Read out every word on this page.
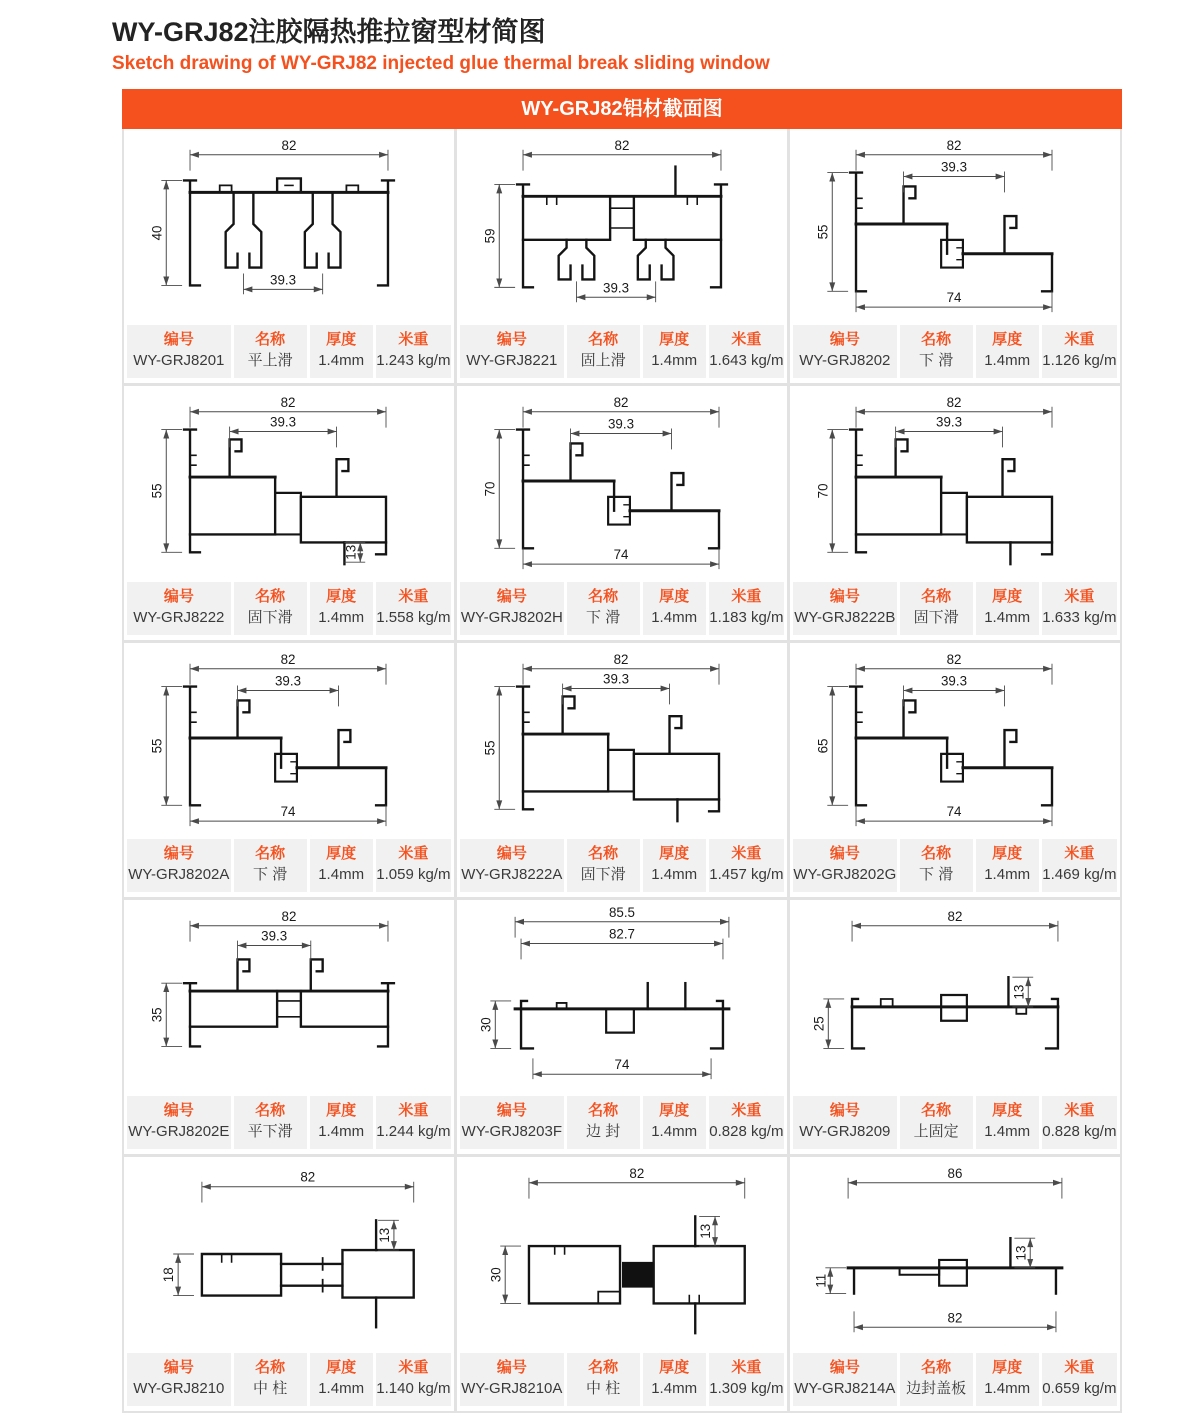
WY-GRJ82注胶隔热推拉窗型材简图
Sketch drawing of WY-GRJ82 injected glue thermal break sliding window
WY-GRJ82铝材截面图
82
39.3
40
编号
WY-GRJ8201
名称
平上滑
厚度
1.4mm
米重
1.243 kg/m
82
39.3
59
编号
WY-GRJ8221
名称
固上滑
厚度
1.4mm
米重
1.643 kg/m
82
39.3
74
55
编号
WY-GRJ8202
名称
下 滑
厚度
1.4mm
米重
1.126 kg/m
82
39.3
55
13
编号
WY-GRJ8222
名称
固下滑
厚度
1.4mm
米重
1.558 kg/m
82
39.3
74
70
编号
WY-GRJ8202H
名称
下 滑
厚度
1.4mm
米重
1.183 kg/m
82
39.3
70
编号
WY-GRJ8222B
名称
固下滑
厚度
1.4mm
米重
1.633 kg/m
82
39.3
74
55
编号
WY-GRJ8202A
名称
下 滑
厚度
1.4mm
米重
1.059 kg/m
82
39.3
55
编号
WY-GRJ8222A
名称
固下滑
厚度
1.4mm
米重
1.457 kg/m
82
39.3
74
65
编号
WY-GRJ8202G
名称
下 滑
厚度
1.4mm
米重
1.469 kg/m
82
39.3
35
编号
WY-GRJ8202E
名称
平下滑
厚度
1.4mm
米重
1.244 kg/m
85.5
82.7
74
30
编号
WY-GRJ8203F
名称
边 封
厚度
1.4mm
米重
0.828 kg/m
82
25
13
编号
WY-GRJ8209
名称
上固定
厚度
1.4mm
米重
0.828 kg/m
82
18
13
编号
WY-GRJ8210
名称
中 柱
厚度
1.4mm
米重
1.140 kg/m
82
30
13
编号
WY-GRJ8210A
名称
中 柱
厚度
1.4mm
米重
1.309 kg/m
86
82
11
13
编号
WY-GRJ8214A
名称
边封盖板
厚度
1.4mm
米重
0.659 kg/m
